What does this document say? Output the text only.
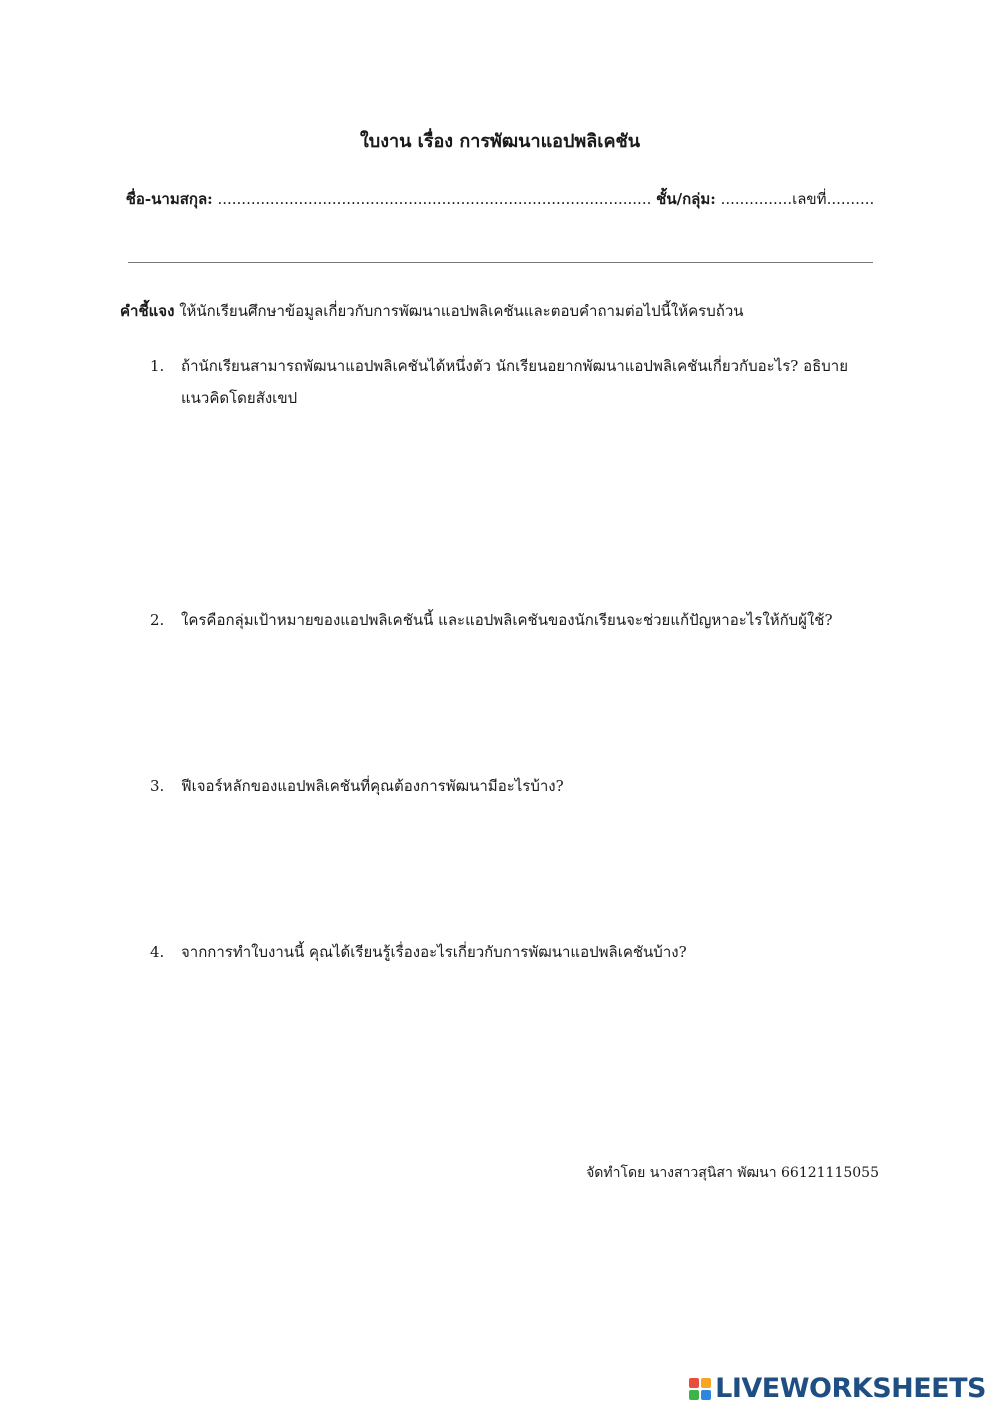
ใบงาน เรื่อง การพัฒนาแอปพลิเคชัน
ชื่อ-นามสกุล: ........................................................................................... ชั้น/กลุ่ม: ...............เลขที่..........
คำชี้แจง ให้นักเรียนศึกษาข้อมูลเกี่ยวกับการพัฒนาแอปพลิเคชันและตอบคำถามต่อไปนี้ให้ครบถ้วน
1.	ถ้านักเรียนสามารถพัฒนาแอปพลิเคชันได้หนึ่งตัว นักเรียนอยากพัฒนาแอปพลิเคชันเกี่ยวกับอะไร? อธิบายแนวคิดโดยสังเขป
2.	ใครคือกลุ่มเป้าหมายของแอปพลิเคชันนี้ และแอปพลิเคชันของนักเรียนจะช่วยแก้ปัญหาอะไรให้กับผู้ใช้?
3.	ฟีเจอร์หลักของแอปพลิเคชันที่คุณต้องการพัฒนามีอะไรบ้าง?
4.	จากการทำใบงานนี้ คุณได้เรียนรู้เรื่องอะไรเกี่ยวกับการพัฒนาแอปพลิเคชันบ้าง?
จัดทำโดย นางสาวสุนิสา พัฒนา 66121115055
LIVEWORKSHEETS
